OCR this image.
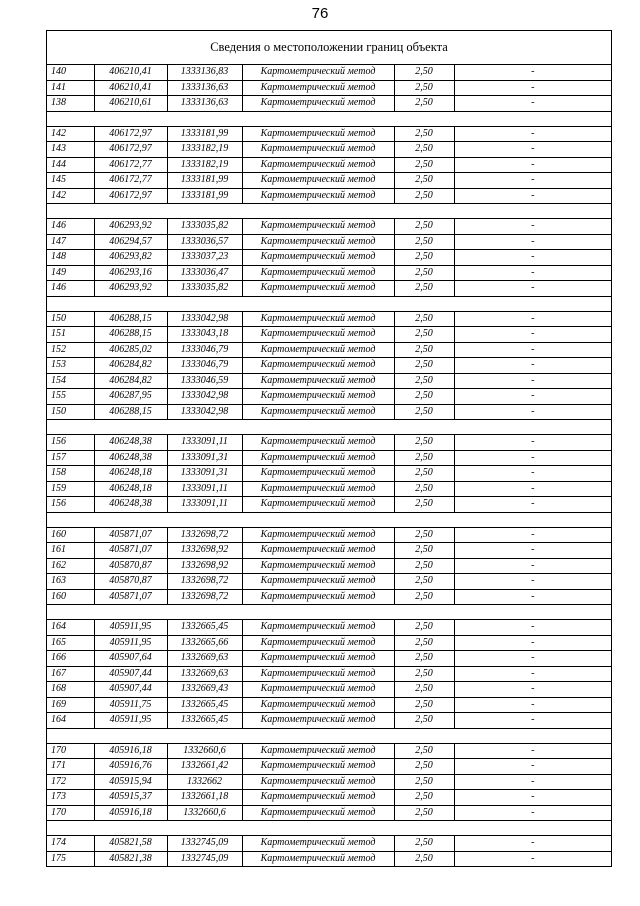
76
Сведения о местоположении границ объекта
140	406210,41	1333136,83	Картометрический метод	2,50	-
141	406210,41	1333136,63	Картометрический метод	2,50	-
138	406210,61	1333136,63	Картометрический метод	2,50	-

142	406172,97	1333181,99	Картометрический метод	2,50	-
143	406172,97	1333182,19	Картометрический метод	2,50	-
144	406172,77	1333182,19	Картометрический метод	2,50	-
145	406172,77	1333181,99	Картометрический метод	2,50	-
142	406172,97	1333181,99	Картометрический метод	2,50	-

146	406293,92	1333035,82	Картометрический метод	2,50	-
147	406294,57	1333036,57	Картометрический метод	2,50	-
148	406293,82	1333037,23	Картометрический метод	2,50	-
149	406293,16	1333036,47	Картометрический метод	2,50	-
146	406293,92	1333035,82	Картометрический метод	2,50	-

150	406288,15	1333042,98	Картометрический метод	2,50	-
151	406288,15	1333043,18	Картометрический метод	2,50	-
152	406285,02	1333046,79	Картометрический метод	2,50	-
153	406284,82	1333046,79	Картометрический метод	2,50	-
154	406284,82	1333046,59	Картометрический метод	2,50	-
155	406287,95	1333042,98	Картометрический метод	2,50	-
150	406288,15	1333042,98	Картометрический метод	2,50	-

156	406248,38	1333091,11	Картометрический метод	2,50	-
157	406248,38	1333091,31	Картометрический метод	2,50	-
158	406248,18	1333091,31	Картометрический метод	2,50	-
159	406248,18	1333091,11	Картометрический метод	2,50	-
156	406248,38	1333091,11	Картометрический метод	2,50	-

160	405871,07	1332698,72	Картометрический метод	2,50	-
161	405871,07	1332698,92	Картометрический метод	2,50	-
162	405870,87	1332698,92	Картометрический метод	2,50	-
163	405870,87	1332698,72	Картометрический метод	2,50	-
160	405871,07	1332698,72	Картометрический метод	2,50	-

164	405911,95	1332665,45	Картометрический метод	2,50	-
165	405911,95	1332665,66	Картометрический метод	2,50	-
166	405907,64	1332669,63	Картометрический метод	2,50	-
167	405907,44	1332669,63	Картометрический метод	2,50	-
168	405907,44	1332669,43	Картометрический метод	2,50	-
169	405911,75	1332665,45	Картометрический метод	2,50	-
164	405911,95	1332665,45	Картометрический метод	2,50	-

170	405916,18	1332660,6	Картометрический метод	2,50	-
171	405916,76	1332661,42	Картометрический метод	2,50	-
172	405915,94	1332662	Картометрический метод	2,50	-
173	405915,37	1332661,18	Картометрический метод	2,50	-
170	405916,18	1332660,6	Картометрический метод	2,50	-

174	405821,58	1332745,09	Картометрический метод	2,50	-
175	405821,38	1332745,09	Картометрический метод	2,50	-
